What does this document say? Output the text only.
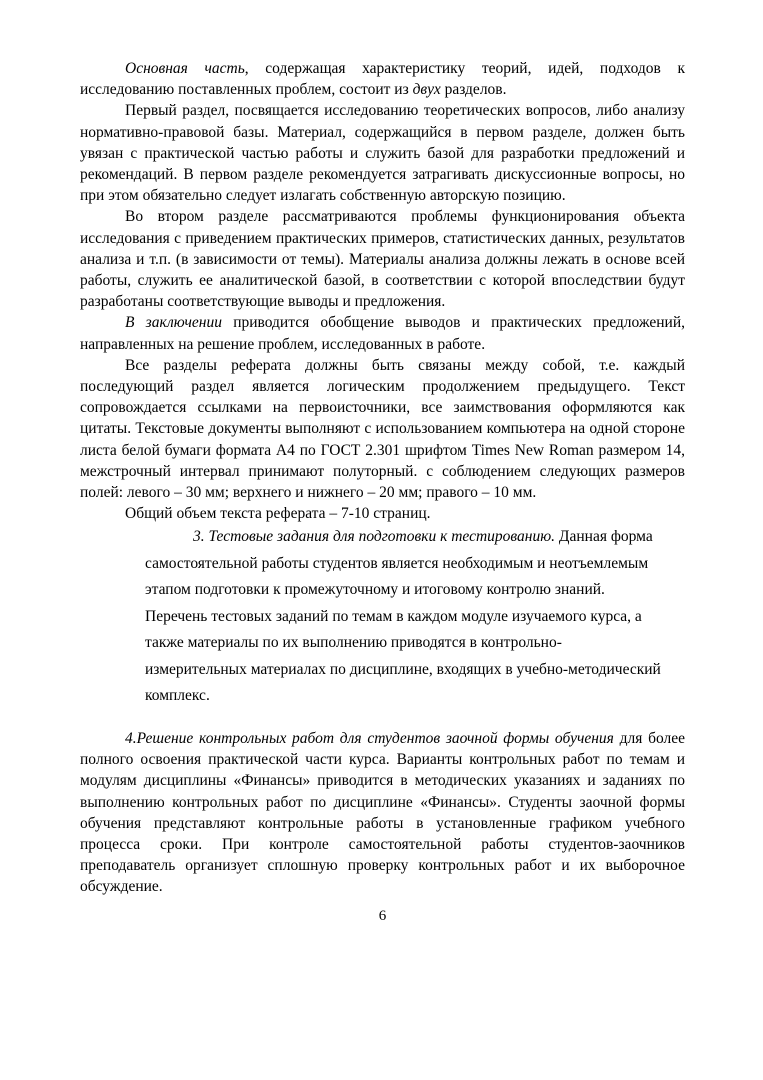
Основная часть, содержащая характеристику теорий, идей, подходов к исследованию поставленных проблем, состоит из двух разделов.

Первый раздел, посвящается исследованию теоретических вопросов, либо анализу нормативно-правовой базы. Материал, содержащийся в первом разделе, должен быть увязан с практической частью работы и служить базой для разработки предложений и рекомендаций. В первом разделе рекомендуется затрагивать дискуссионные вопросы, но при этом обязательно следует излагать собственную авторскую позицию.

Во втором разделе рассматриваются проблемы функционирования объекта исследования с приведением практических примеров, статистических данных, результатов анализа и т.п. (в зависимости от темы). Материалы анализа должны лежать в основе всей работы, служить ее аналитической базой, в соответствии с которой впоследствии будут разработаны соответствующие выводы и предложения.

В заключении приводится обобщение выводов и практических предложений, направленных на решение проблем, исследованных в работе.

Все разделы реферата должны быть связаны между собой, т.е. каждый последующий раздел является логическим продолжением предыдущего. Текст сопровождается ссылками на первоисточники, все заимствования оформляются как цитаты. Текстовые документы выполняют с использованием компьютера на одной стороне листа белой бумаги формата А4 по ГОСТ 2.301 шрифтом Times New Roman размером 14, межстрочный интервал принимают полуторный. с соблюдением следующих размеров полей: левого – 30 мм; верхнего и нижнего – 20 мм; правого – 10 мм.

Общий объем текста реферата – 7-10 страниц.

3. Тестовые задания для подготовки к тестированию. Данная форма самостоятельной работы студентов является необходимым и неотъемлемым этапом подготовки к промежуточному и итоговому контролю знаний. Перечень тестовых заданий по темам в каждом модуле изучаемого курса, а также материалы по их выполнению приводятся в контрольно-измерительных материалах по дисциплине, входящих в учебно-методический комплекс.

4.Решение контрольных работ для студентов заочной формы обучения для более полного освоения практической части курса. Варианты контрольных работ по темам и модулям дисциплины «Финансы» приводится в методических указаниях и заданиях по выполнению контрольных работ по дисциплине «Финансы». Студенты заочной формы обучения представляют контрольные работы в установленные графиком учебного процесса сроки. При контроле самостоятельной работы студентов-заочников преподаватель организует сплошную проверку контрольных работ и их выборочное обсуждение.

6
